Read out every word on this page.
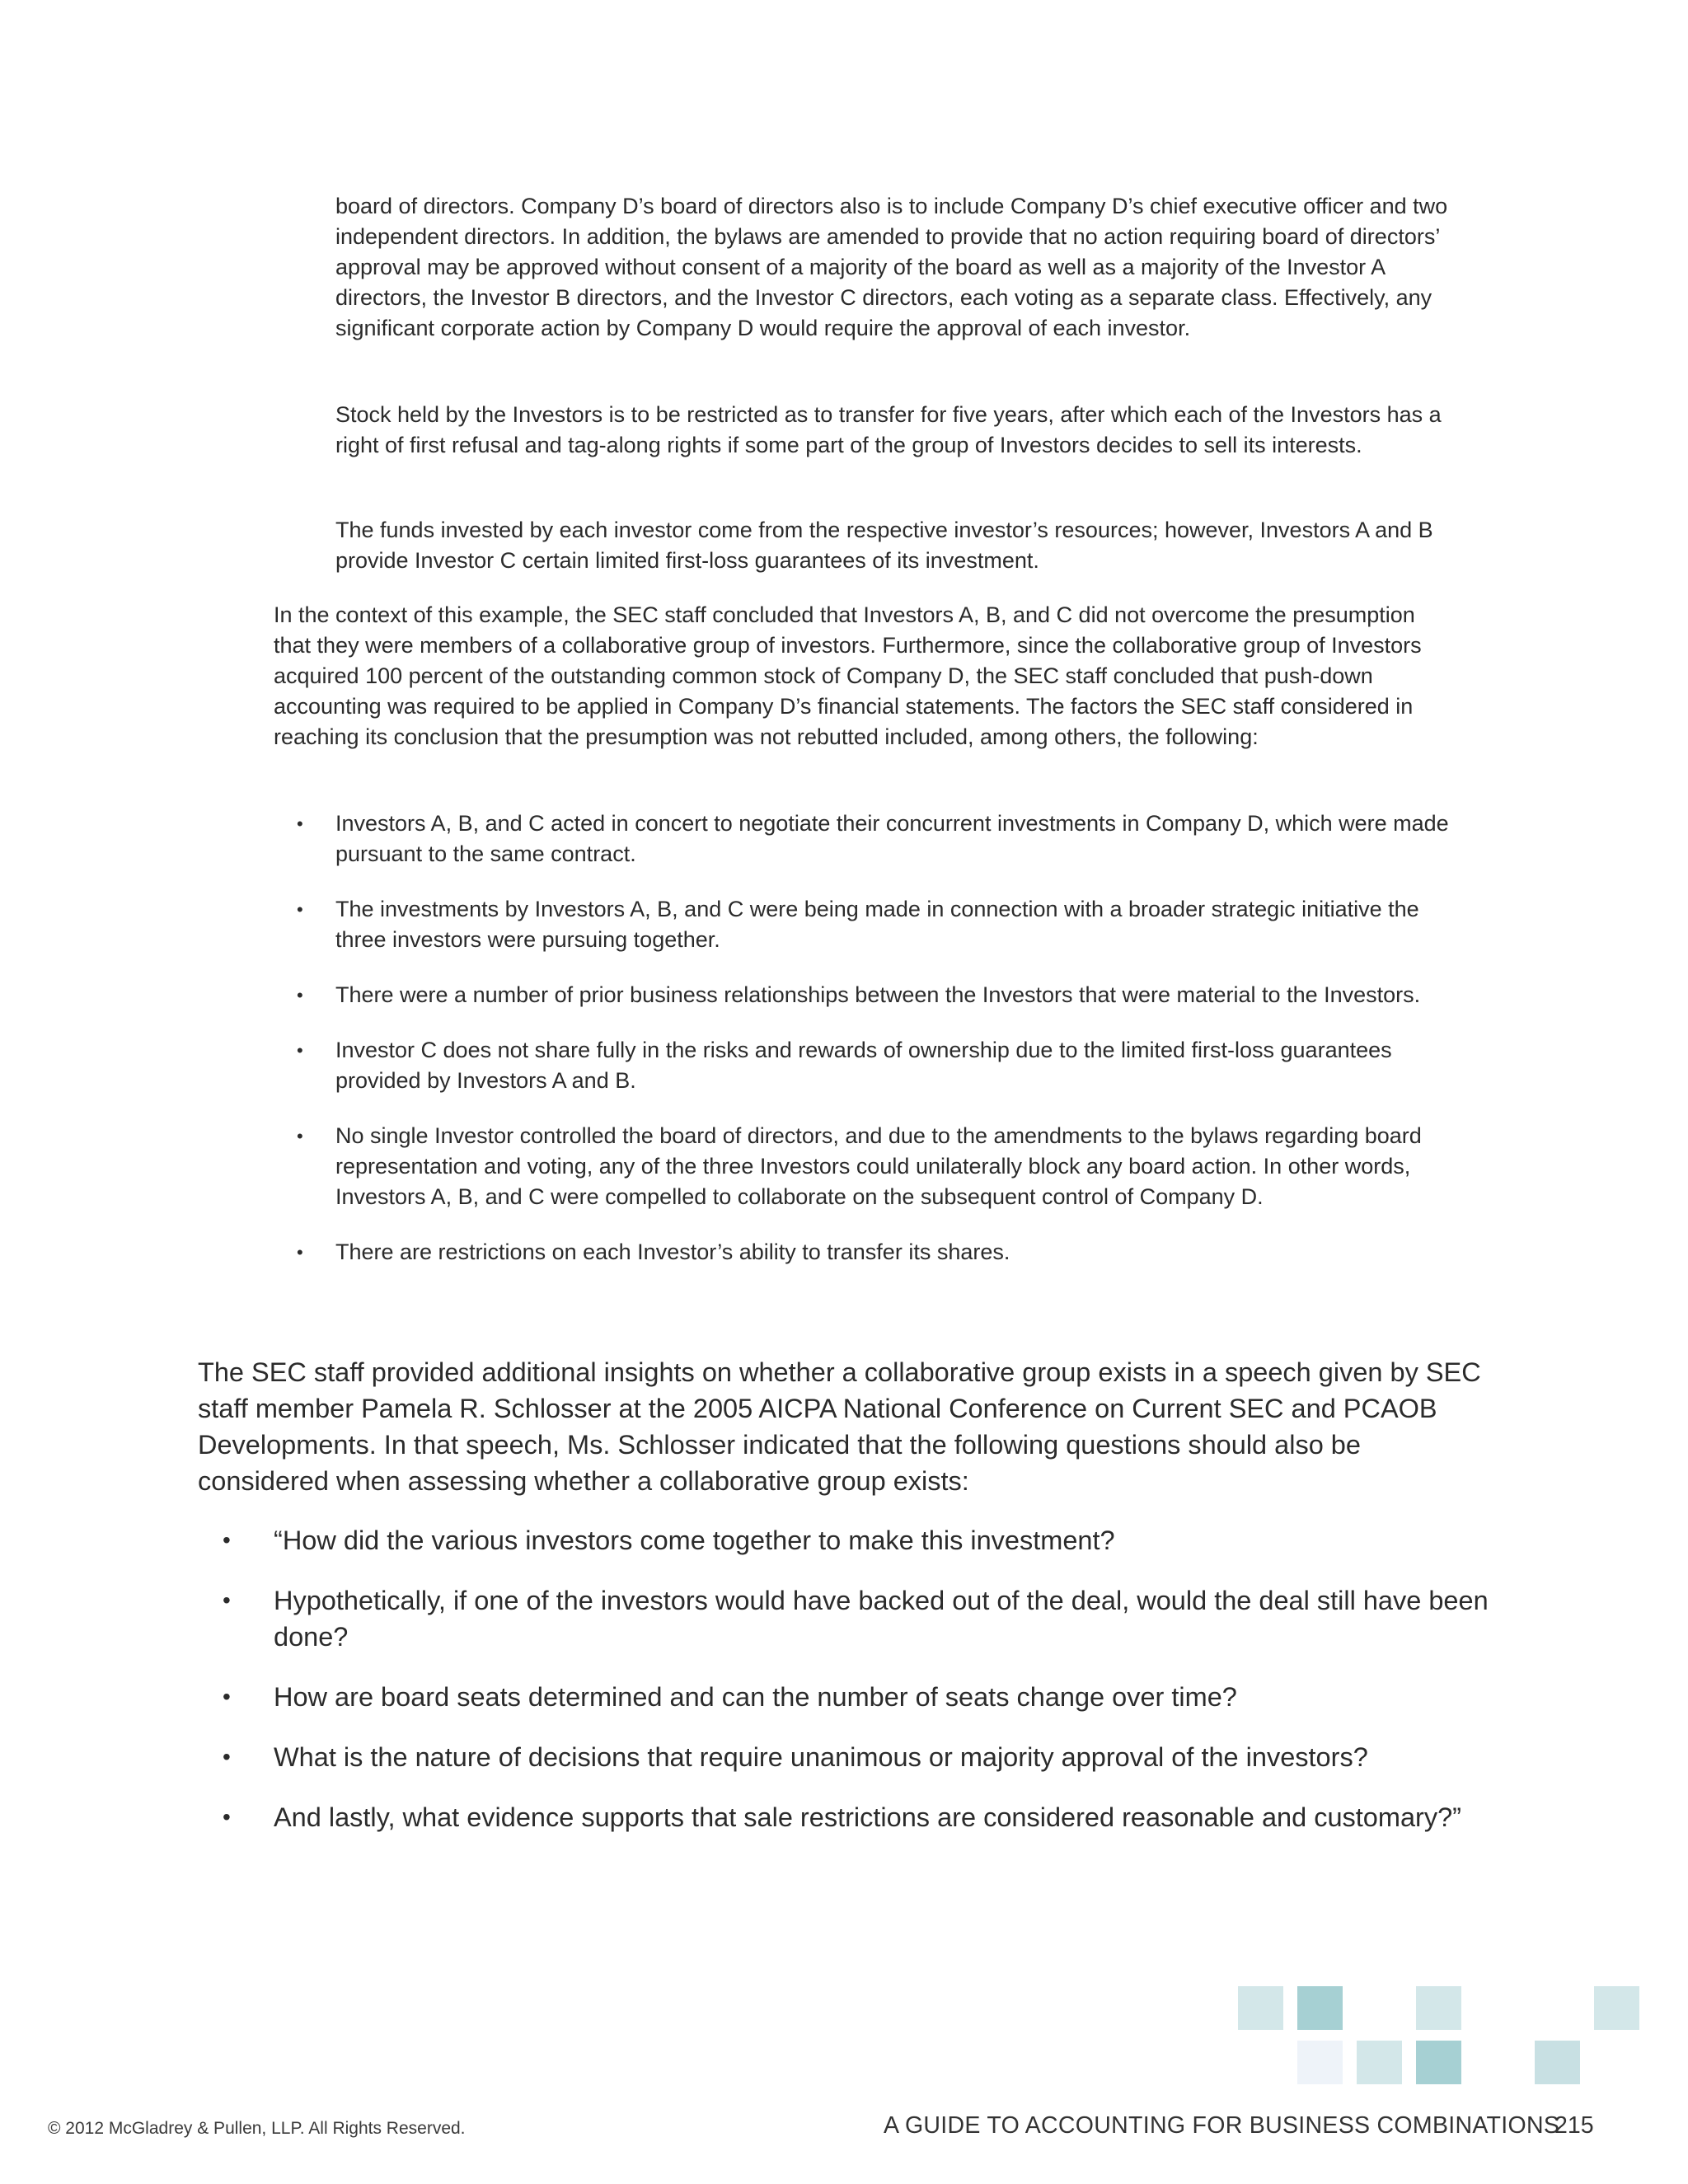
board of directors. Company D’s board of directors also is to include Company D’s chief executive officer and two independent directors. In addition, the bylaws are amended to provide that no action requiring board of directors’ approval may be approved without consent of a majority of the board as well as a majority of the Investor A directors, the Investor B directors, and the Investor C directors, each voting as a separate class. Effectively, any significant corporate action by Company D would require the approval of each investor.

Stock held by the Investors is to be restricted as to transfer for five years, after which each of the Investors has a right of first refusal and tag-along rights if some part of the group of Investors decides to sell its interests.

The funds invested by each investor come from the respective investor’s resources; however, Investors A and B provide Investor C certain limited first-loss guarantees of its investment.

In the context of this example, the SEC staff concluded that Investors A, B, and C did not overcome the presumption that they were members of a collaborative group of investors. Furthermore, since the collaborative group of Investors acquired 100 percent of the outstanding common stock of Company D, the SEC staff concluded that push-down accounting was required to be applied in Company D’s financial statements. The factors the SEC staff considered in reaching its conclusion that the presumption was not rebutted included, among others, the following:

• Investors A, B, and C acted in concert to negotiate their concurrent investments in Company D, which were made pursuant to the same contract.
• The investments by Investors A, B, and C were being made in connection with a broader strategic initiative the three investors were pursuing together.
• There were a number of prior business relationships between the Investors that were material to the Investors.
• Investor C does not share fully in the risks and rewards of ownership due to the limited first-loss guarantees provided by Investors A and B.
• No single Investor controlled the board of directors, and due to the amendments to the bylaws regarding board representation and voting, any of the three Investors could unilaterally block any board action. In other words, Investors A, B, and C were compelled to collaborate on the subsequent control of Company D.
• There are restrictions on each Investor’s ability to transfer its shares.

The SEC staff provided additional insights on whether a collaborative group exists in a speech given by SEC staff member Pamela R. Schlosser at the 2005 AICPA National Conference on Current SEC and PCAOB Developments. In that speech, Ms. Schlosser indicated that the following questions should also be considered when assessing whether a collaborative group exists:

• “How did the various investors come together to make this investment?
• Hypothetically, if one of the investors would have backed out of the deal, would the deal still have been done?
• How are board seats determined and can the number of seats change over time?
• What is the nature of decisions that require unanimous or majority approval of the investors?
• And lastly, what evidence supports that sale restrictions are considered reasonable and customary?”
© 2012 McGladrey & Pullen, LLP. All Rights Reserved.	A GUIDE TO ACCOUNTING FOR BUSINESS COMBINATIONS
215
